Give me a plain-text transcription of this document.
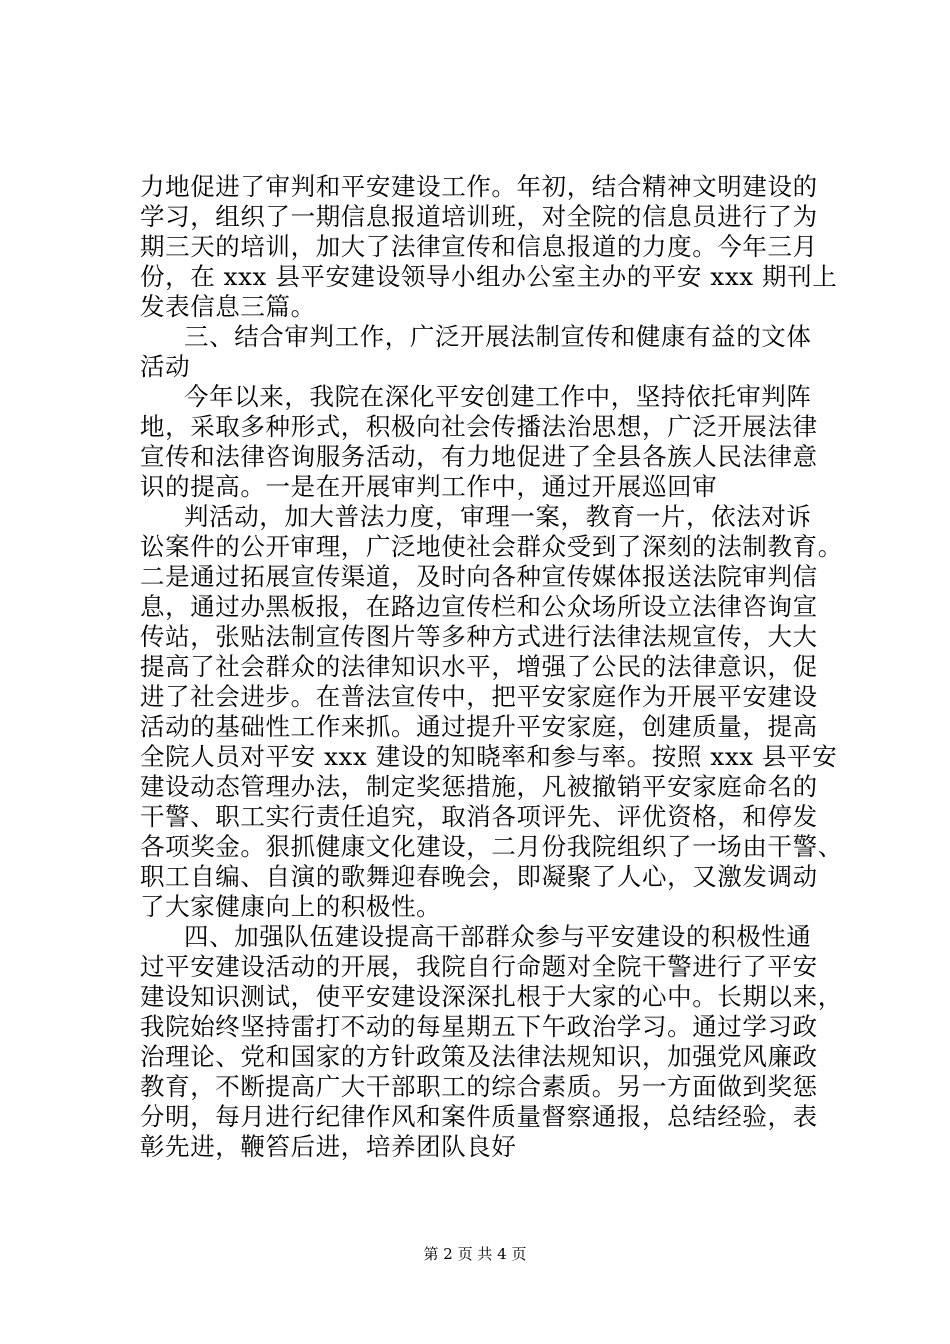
力地促进了审判和平安建设工作。年初，结合精神文明建设的

学习，组织了一期信息报道培训班，对全院的信息员进行了为

期三天的培训，加大了法律宣传和信息报道的力度。今年三月

份，在 xxx 县平安建设领导小组办公室主办的平安 xxx 期刊上

发表信息三篇。

三、结合审判工作，广泛开展法制宣传和健康有益的文体

活动

今年以来，我院在深化平安创建工作中，坚持依托审判阵

地，采取多种形式，积极向社会传播法治思想，广泛开展法律

宣传和法律咨询服务活动，有力地促进了全县各族人民法律意

识的提高。一是在开展审判工作中，通过开展巡回审

判活动，加大普法力度，审理一案，教育一片，依法对诉

讼案件的公开审理，广泛地使社会群众受到了深刻的法制教育。

二是通过拓展宣传渠道，及时向各种宣传媒体报送法院审判信

息，通过办黑板报，在路边宣传栏和公众场所设立法律咨询宣

传站，张贴法制宣传图片等多种方式进行法律法规宣传，大大

提高了社会群众的法律知识水平，增强了公民的法律意识，促

进了社会进步。在普法宣传中，把平安家庭作为开展平安建设

活动的基础性工作来抓。通过提升平安家庭，创建质量，提高

全院人员对平安 xxx 建设的知晓率和参与率。按照 xxx 县平安

建设动态管理办法，制定奖惩措施，凡被撤销平安家庭命名的

干警、职工实行责任追究，取消各项评先、评优资格，和停发

各项奖金。狠抓健康文化建设，二月份我院组织了一场由干警、

职工自编、自演的歌舞迎春晚会，即凝聚了人心，又激发调动

了大家健康向上的积极性。

四、加强队伍建设提高干部群众参与平安建设的积极性通

过平安建设活动的开展，我院自行命题对全院干警进行了平安

建设知识测试，使平安建设深深扎根于大家的心中。长期以来，

我院始终坚持雷打不动的每星期五下午政治学习。通过学习政

治理论、党和国家的方针政策及法律法规知识，加强党风廉政

教育，不断提高广大干部职工的综合素质。另一方面做到奖惩

分明，每月进行纪律作风和案件质量督察通报，总结经验，表

彰先进，鞭笞后进，培养团队良好

第 2 页 共 4 页
